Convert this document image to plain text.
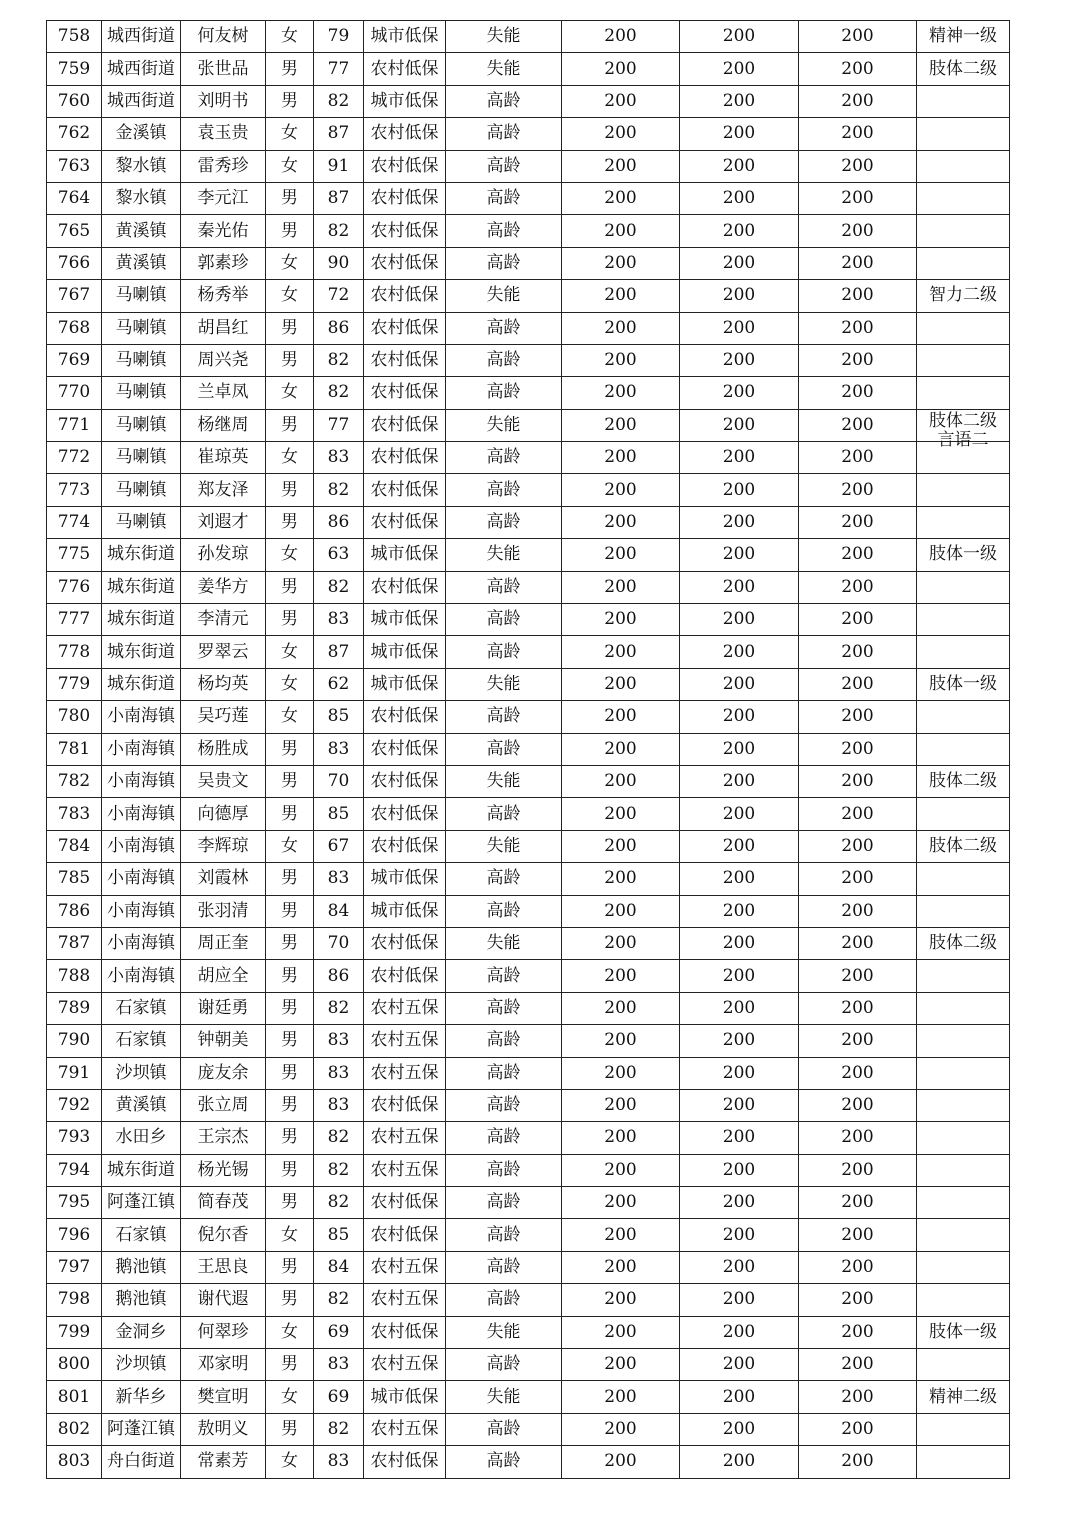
758	城西街道	何友树	女	79	城市低保	失能	200	200	200	精神一级
759	城西街道	张世品	男	77	农村低保	失能	200	200	200	肢体二级
760	城西街道	刘明书	男	82	城市低保	高龄	200	200	200	
762	金溪镇	袁玉贵	女	87	农村低保	高龄	200	200	200	
763	黎水镇	雷秀珍	女	91	农村低保	高龄	200	200	200	
764	黎水镇	李元江	男	87	农村低保	高龄	200	200	200	
765	黄溪镇	秦光佑	男	82	农村低保	高龄	200	200	200	
766	黄溪镇	郭素珍	女	90	农村低保	高龄	200	200	200	
767	马喇镇	杨秀举	女	72	农村低保	失能	200	200	200	智力二级
768	马喇镇	胡昌红	男	86	农村低保	高龄	200	200	200	
769	马喇镇	周兴尧	男	82	农村低保	高龄	200	200	200	
770	马喇镇	兰卓凤	女	82	农村低保	高龄	200	200	200	
771	马喇镇	杨继周	男	77	农村低保	失能	200	200	200	肢体二级
言语二

772	马喇镇	崔琼英	女	83	农村低保	高龄	200	200	200	
773	马喇镇	郑友泽	男	82	农村低保	高龄	200	200	200	
774	马喇镇	刘遐才	男	86	农村低保	高龄	200	200	200	
775	城东街道	孙发琼	女	63	城市低保	失能	200	200	200	肢体一级
776	城东街道	姜华方	男	82	农村低保	高龄	200	200	200	
777	城东街道	李清元	男	83	城市低保	高龄	200	200	200	
778	城东街道	罗翠云	女	87	城市低保	高龄	200	200	200	
779	城东街道	杨均英	女	62	城市低保	失能	200	200	200	肢体一级
780	小南海镇	吴巧莲	女	85	农村低保	高龄	200	200	200	
781	小南海镇	杨胜成	男	83	农村低保	高龄	200	200	200	
782	小南海镇	吴贵文	男	70	农村低保	失能	200	200	200	肢体二级
783	小南海镇	向德厚	男	85	农村低保	高龄	200	200	200	
784	小南海镇	李辉琼	女	67	农村低保	失能	200	200	200	肢体二级
785	小南海镇	刘霞林	男	83	城市低保	高龄	200	200	200	
786	小南海镇	张羽清	男	84	城市低保	高龄	200	200	200	
787	小南海镇	周正奎	男	70	农村低保	失能	200	200	200	肢体二级
788	小南海镇	胡应全	男	86	农村低保	高龄	200	200	200	
789	石家镇	谢廷勇	男	82	农村五保	高龄	200	200	200	
790	石家镇	钟朝美	男	83	农村五保	高龄	200	200	200	
791	沙坝镇	庞友余	男	83	农村五保	高龄	200	200	200	
792	黄溪镇	张立周	男	83	农村低保	高龄	200	200	200	
793	水田乡	王宗杰	男	82	农村五保	高龄	200	200	200	
794	城东街道	杨光锡	男	82	农村五保	高龄	200	200	200	
795	阿蓬江镇	简春茂	男	82	农村低保	高龄	200	200	200	
796	石家镇	倪尔香	女	85	农村低保	高龄	200	200	200	
797	鹅池镇	王思良	男	84	农村五保	高龄	200	200	200	
798	鹅池镇	谢代遐	男	82	农村五保	高龄	200	200	200	
799	金洞乡	何翠珍	女	69	农村低保	失能	200	200	200	肢体一级
800	沙坝镇	邓家明	男	83	农村五保	高龄	200	200	200	
801	新华乡	樊宣明	女	69	城市低保	失能	200	200	200	精神二级
802	阿蓬江镇	敖明义	男	82	农村五保	高龄	200	200	200	
803	舟白街道	常素芳	女	83	农村低保	高龄	200	200	200	
